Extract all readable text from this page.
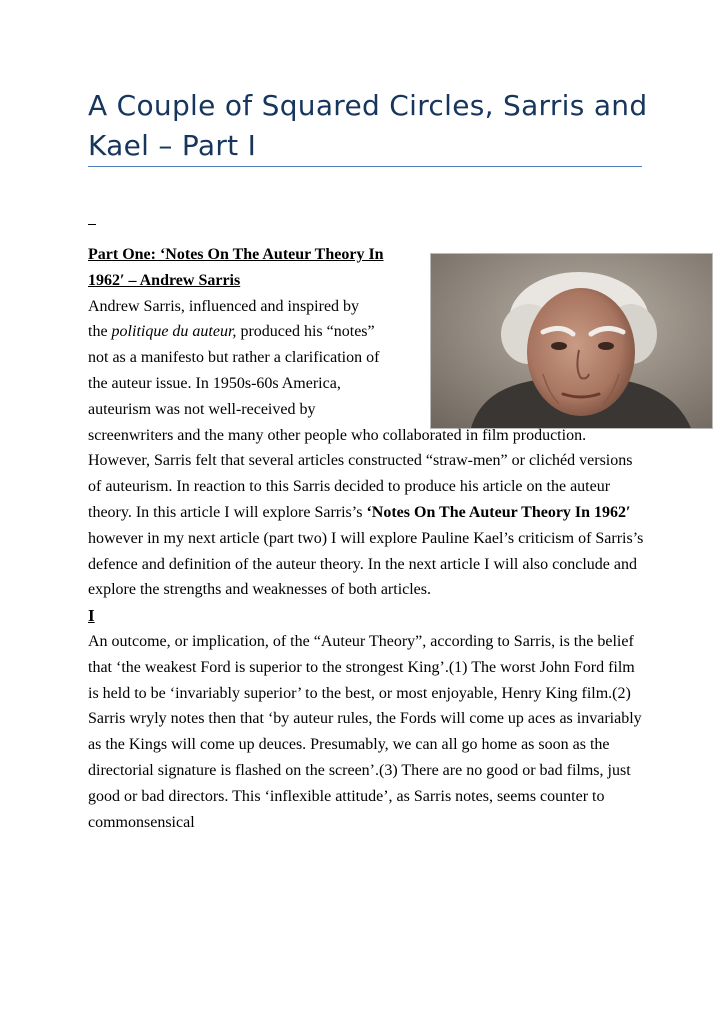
A Couple of Squared Circles, Sarris and Kael – Part I

Part One: ‘Notes On The Auteur Theory In

1962′ – Andrew Sarris

Andrew Sarris, influenced and inspired by

the politique du auteur, produced his “notes”

not as a manifesto but rather a clarification of

the auteur issue. In 1950s-60s America,

auteurism was not well-received by

screenwriters and the many other people who collaborated in film production. However, Sarris felt that several articles constructed “straw-men” or clichéd versions of auteurism. In reaction to this Sarris decided to produce his article on the auteur theory. In this article I will explore Sarris’s ‘Notes On The Auteur Theory In 1962′ however in my next article (part two) I will explore Pauline Kael’s criticism of Sarris’s defence and definition of the auteur theory. In the next article I will also conclude and explore the strengths and weaknesses of both articles.

I

An outcome, or implication, of the “Auteur Theory”, according to Sarris, is the belief that ‘the weakest Ford is superior to the strongest King’.(1) The worst John Ford film is held to be ‘invariably superior’ to the best, or most enjoyable, Henry King film.(2) Sarris wryly notes then that ‘by auteur rules, the Fords will come up aces as invariably as the Kings will come up deuces. Presumably, we can all go home as soon as the directorial signature is flashed on the screen’.(3) There are no good or bad films, just good or bad directors. This ‘inflexible attitude’, as Sarris notes, seems counter to commonsensical
